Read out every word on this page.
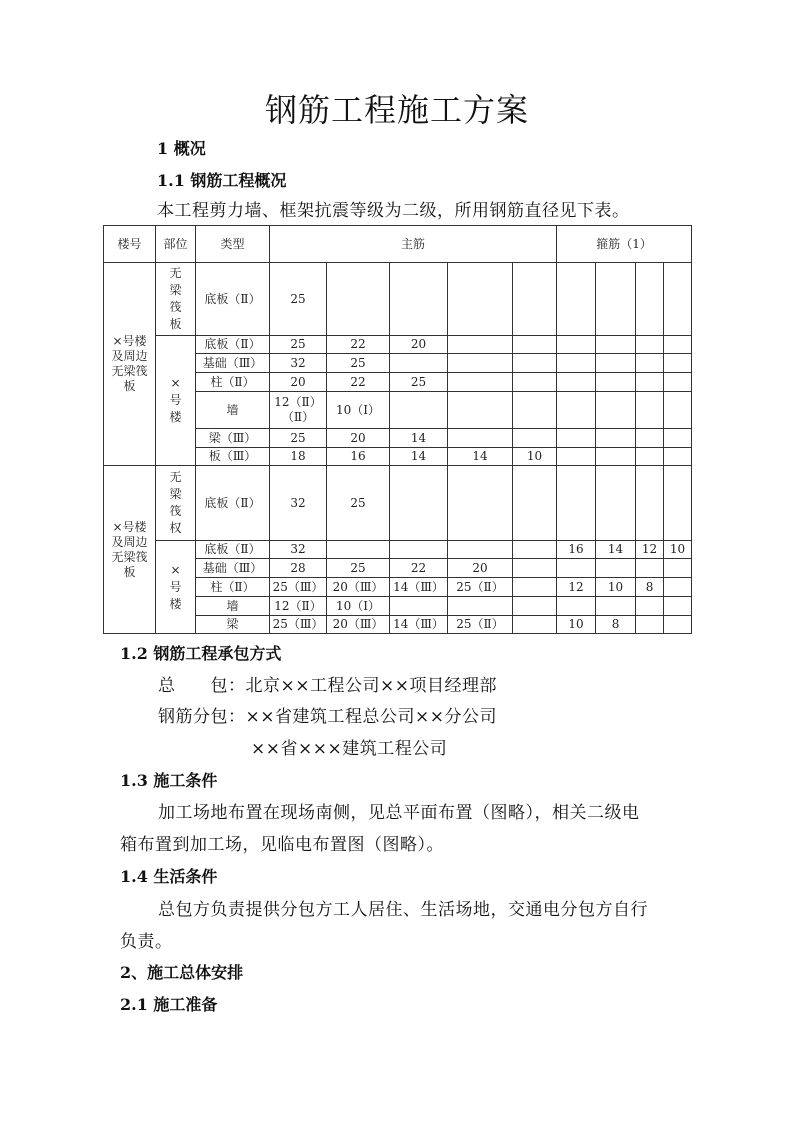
钢筋工程施工方案
1 概况
1.1 钢筋工程概况
本工程剪力墙、框架抗震等级为二级，所用钢筋直径见下表。
楼号	部位	类型	主筋					箍筋（1）			
×号楼及周边无梁筏板	无梁筏板	底板（Ⅱ）	25								
	×号楼	底板（Ⅱ）	25	22	20						
		基础（Ⅲ）	32	25							
		柱（Ⅱ）	20	22	25						
		墙	12（Ⅱ）（Ⅱ）	10（Ⅰ）							
		梁（Ⅲ）	25	20	14						
		板（Ⅲ）	18	16	14	14	10				
×号楼及周边无梁筏板	无梁筏权	底板（Ⅱ）	32	25							
	×号楼	底板（Ⅱ）	32					16	14	12	10
		基础（Ⅲ）	28	25	22	20					
		柱（Ⅱ）	25（Ⅲ）	20（Ⅲ）	14（Ⅲ）	25（Ⅱ）		12	10	8	
		墙	12（Ⅱ）	10（Ⅰ）							
		梁	25（Ⅲ）	20（Ⅲ）	14（Ⅲ）	25（Ⅱ）		10	8		
1.2 钢筋工程承包方式
总　　包：北京××工程公司××项目经理部
钢筋分包：××省建筑工程总公司××分公司
××省×××建筑工程公司
1.3 施工条件
加工场地布置在现场南侧，见总平面布置（图略），相关二级电
箱布置到加工场，见临电布置图（图略）。
1.4 生活条件
总包方负责提供分包方工人居住、生活场地，交通电分包方自行
负责。
2、施工总体安排
2.1 施工准备
